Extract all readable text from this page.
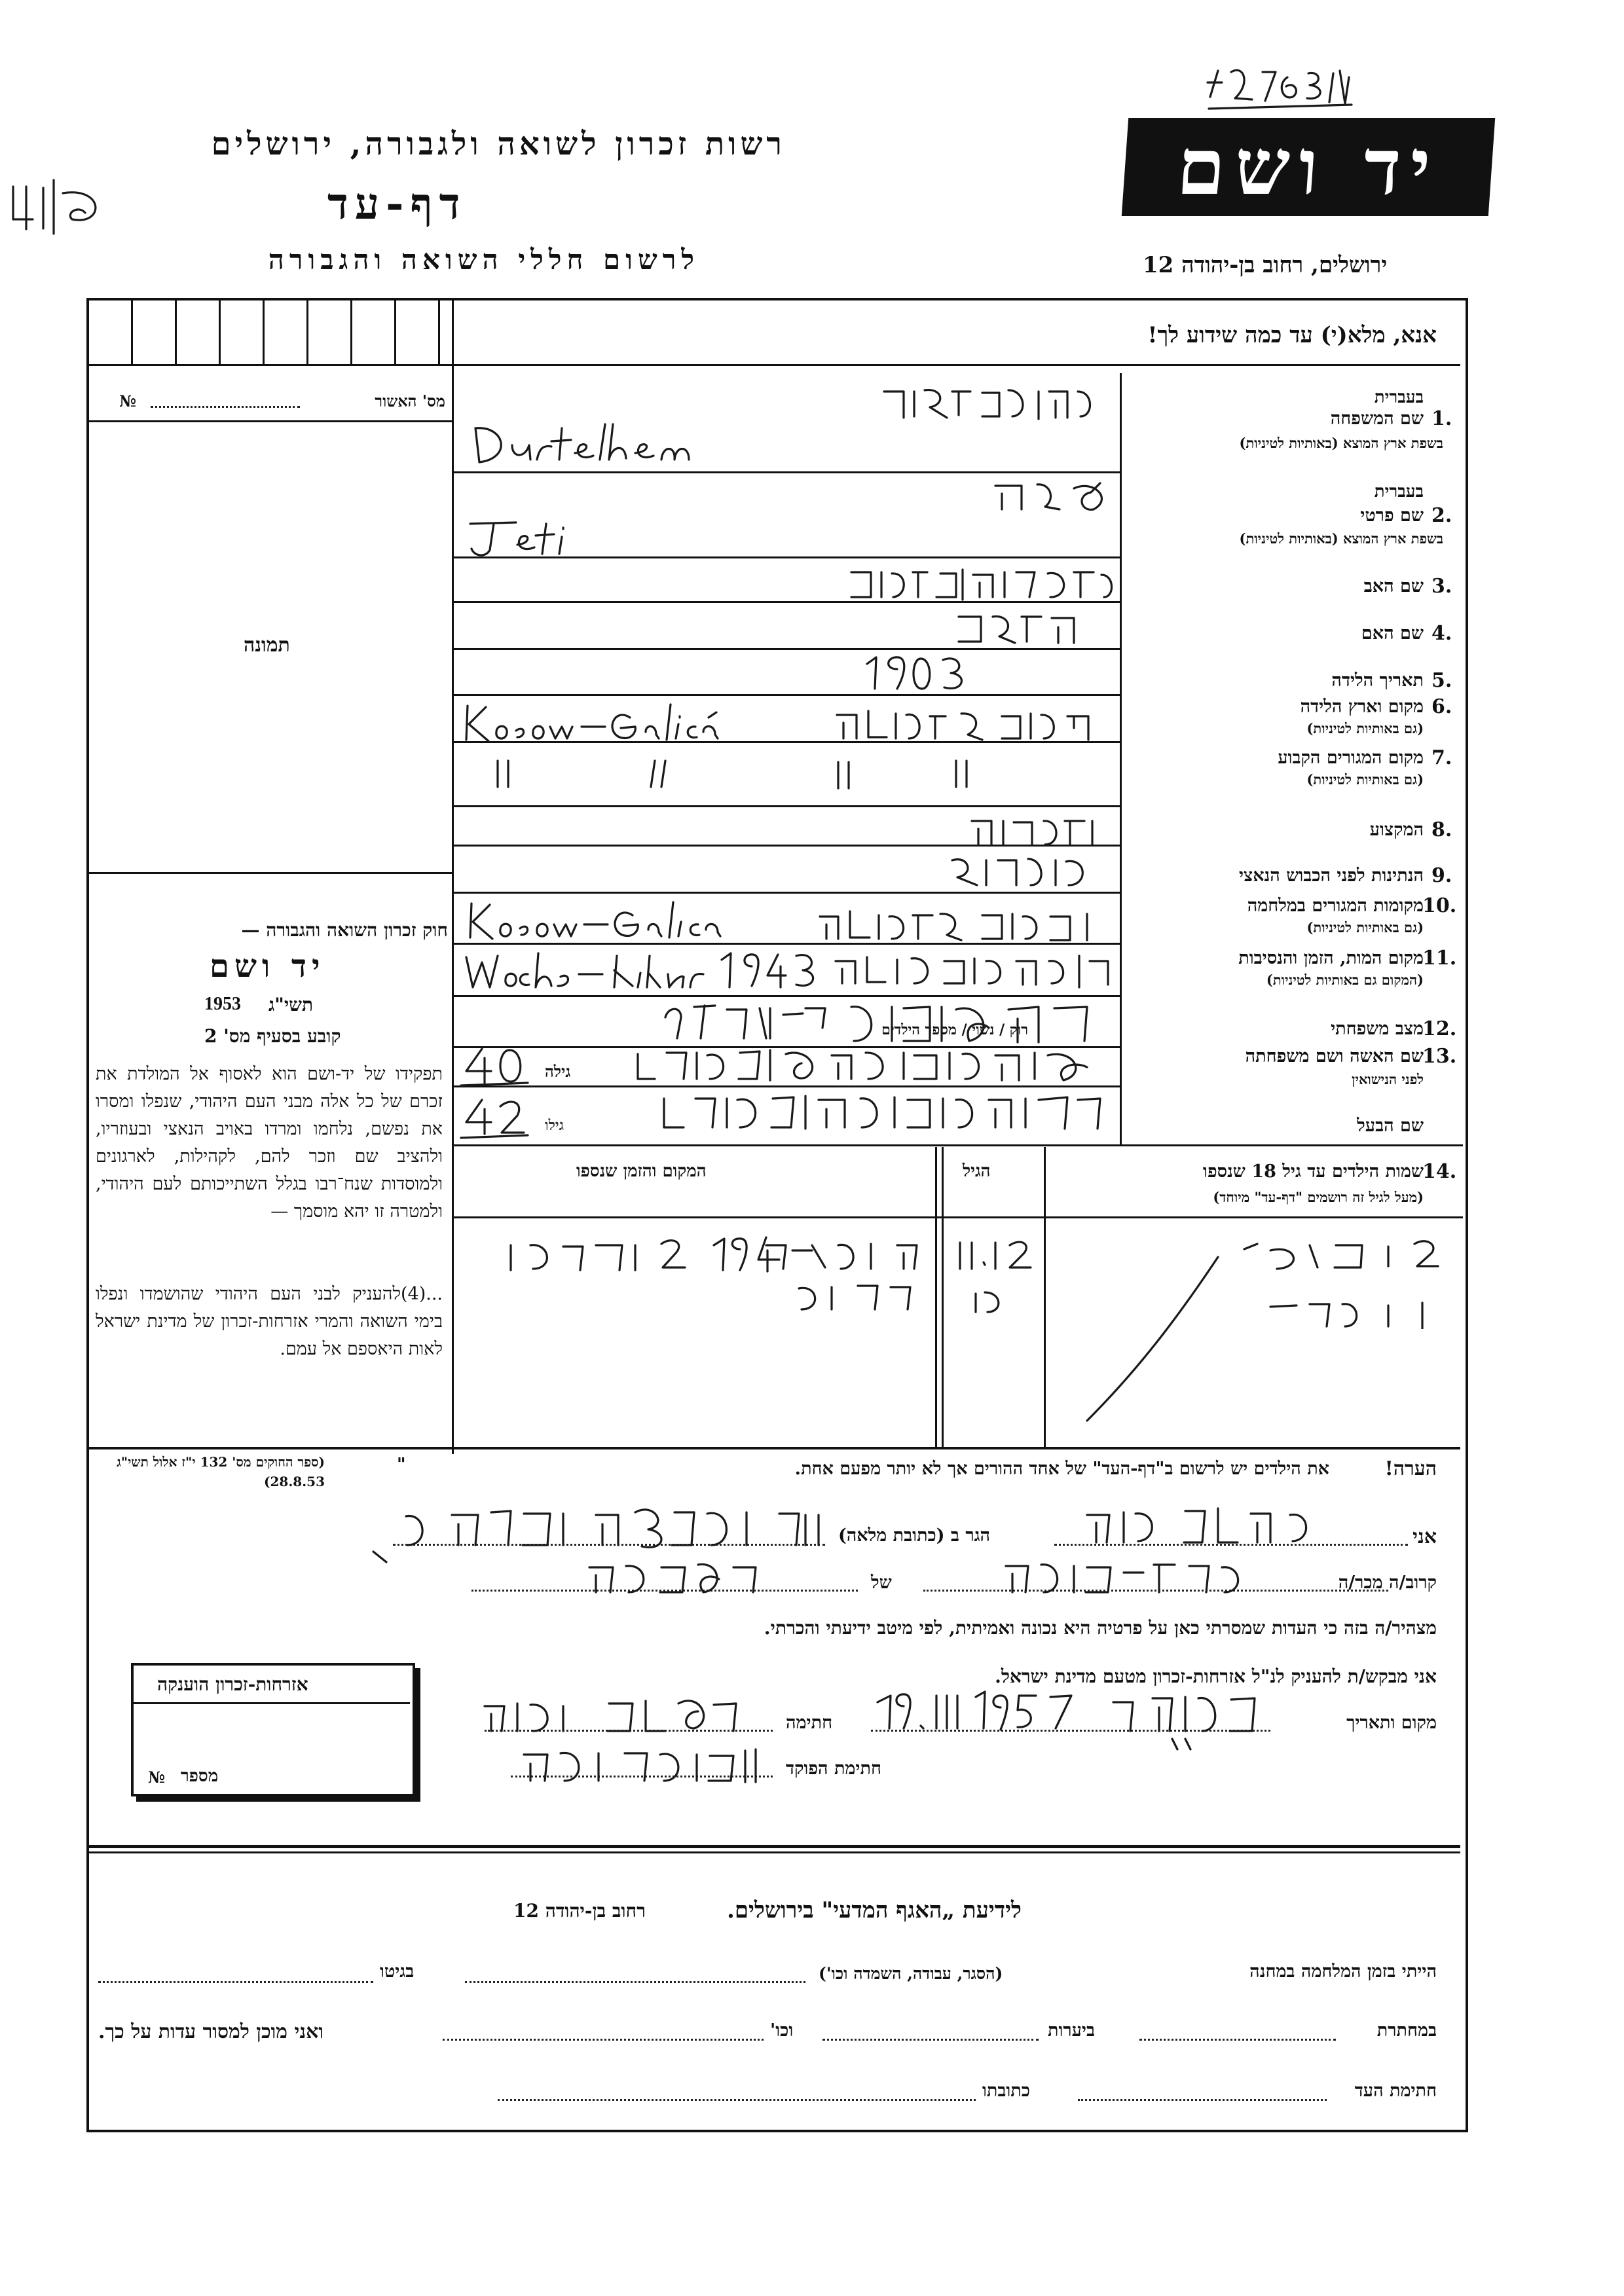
רשות זכרון לשואה ולגבורה, ירושלים
דף-עד
לרשום חללי השואה והגבורה
יד ושם
ירושלים, רחוב בן-יהודה 12
אנא, מלא(י) עד כמה שידוע לך!
מס' האשור
№
תמונה
בעברית
1.
שם המשפחה
בשפת ארץ המוצא (באותיות לטיניות)
בעברית
2.
שם פרטי
בשפת ארץ המוצא (באותיות לטיניות)
3.
שם האב
4.
שם האם
5.
תאריך הלידה
6.
מקום וארץ הלידה
(גם באותיות לטיניות)
7.
מקום המגורים הקבוע
(גם באותיות לטיניות)
8.
המקצוע
9.
הנתינות לפני הכבוש הנאצי
10.
מקומות המגורים במלחמה
(גם באותיות לטיניות)
11.
מקום המות, הזמן והנסיבות
(המקום גם באותיות לטיניות)
12.
מצב משפחתי
13.
שם האשה ושם משפחתה
לפני הנישואין
שם הבעל
רוק / נשוי / מספר הילדים
גילה
גילו
14.
שמות הילדים עד גיל 18 שנספו
(מעל לגיל זה רושמים "דף-עד" מיוחד)
הגיל
המקום והזמן שנספו
חוק זכרון השואה והגבורה —
יד ושם
תשי"ג
1953
קובע בסעיף מס' 2
תפקידו של יד-ושם הוא לאסוף אל המולדת את זכרם של כל אלה מבני העם היהודי, שנפלו ומסרו את נפשם, נלחמו ומרדו באויב הנאצי ובעוזריו, ולהציב שם וזכר להם, לקהילות, לארגונים ולמוסדות שנח־רבו בגלל השתייכותם לעם היהודי, ולמטרה זו יהא מוסמך —
...(4)להעניק לבני העם היהודי שהושמדו ונפלו בימי השואה והמרי אזרחות-זכרון של מדינת ישראל לאות היאספם אל עמם.
(ספר החוקים מס' 132 י"ז אלול תשי"ג 28.8.53)
"	הערה!
את הילדים יש לרשום ב"דף-העד" של אחד ההורים אך לא יותר מפעם אחת.
אני
הגר ב (כתובת מלאה)
קרוב/ה מכר/ה
של
מצהיר/ה בזה כי העדות שמסרתי כאן על פרטיה היא נכונה ואמיתית, לפי מיטב ידיעתי והכרתי.
אני מבקש/ת להעניק לנ"ל אזרחות-זכרון מטעם מדינת ישראל.
מקום ותאריך
חתימה
חתימת הפוקד
אזרחות-זכרון הוענקה
מספר
№
לידיעת „האגף המדעי" בירושלים.
רחוב בן-יהודה 12
הייתי בזמן המלחמה במחנה
(הסגר, עבודה, השמדה וכו')
בגיטו
במחתרת
ביערות
וכו'
ואני מוכן למסור עדות על כך.
חתימת העד
כתובתו
